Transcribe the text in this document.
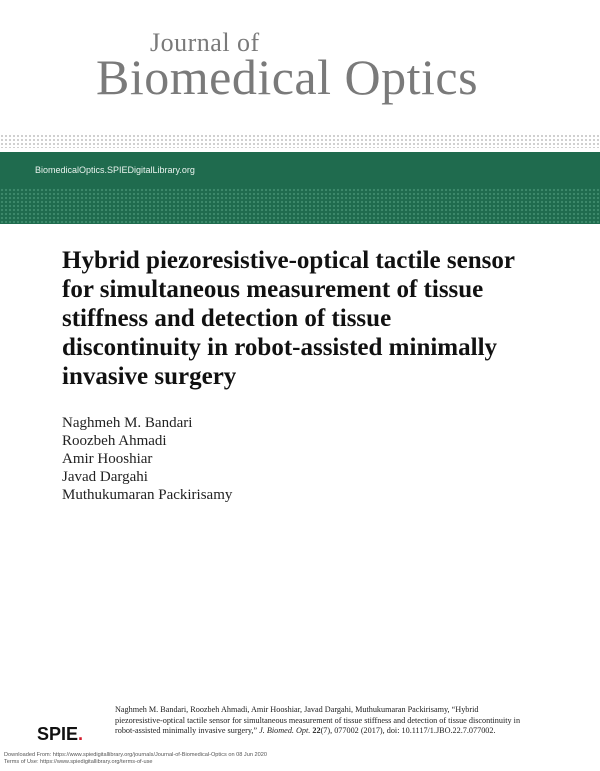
Journal of
Biomedical Optics
BiomedicalOptics.SPIEDigitalLibrary.org
Hybrid piezoresistive-optical tactile sensor for simultaneous measurement of tissue stiffness and detection of tissue discontinuity in robot-assisted minimally invasive surgery
Naghmeh M. Bandari
Roozbeh Ahmadi
Amir Hooshiar
Javad Dargahi
Muthukumaran Packirisamy
SPIE.
Naghmeh M. Bandari, Roozbeh Ahmadi, Amir Hooshiar, Javad Dargahi, Muthukumaran Packirisamy, “Hybrid piezoresistive-optical tactile sensor for simultaneous measurement of tissue stiffness and detection of tissue discontinuity in robot-assisted minimally invasive surgery,” J. Biomed. Opt. 22(7), 077002 (2017), doi: 10.1117/1.JBO.22.7.077002.
Downloaded From: https://www.spiedigitallibrary.org/journals/Journal-of-Biomedical-Optics on 08 Jun 2020
Terms of Use: https://www.spiedigitallibrary.org/terms-of-use
